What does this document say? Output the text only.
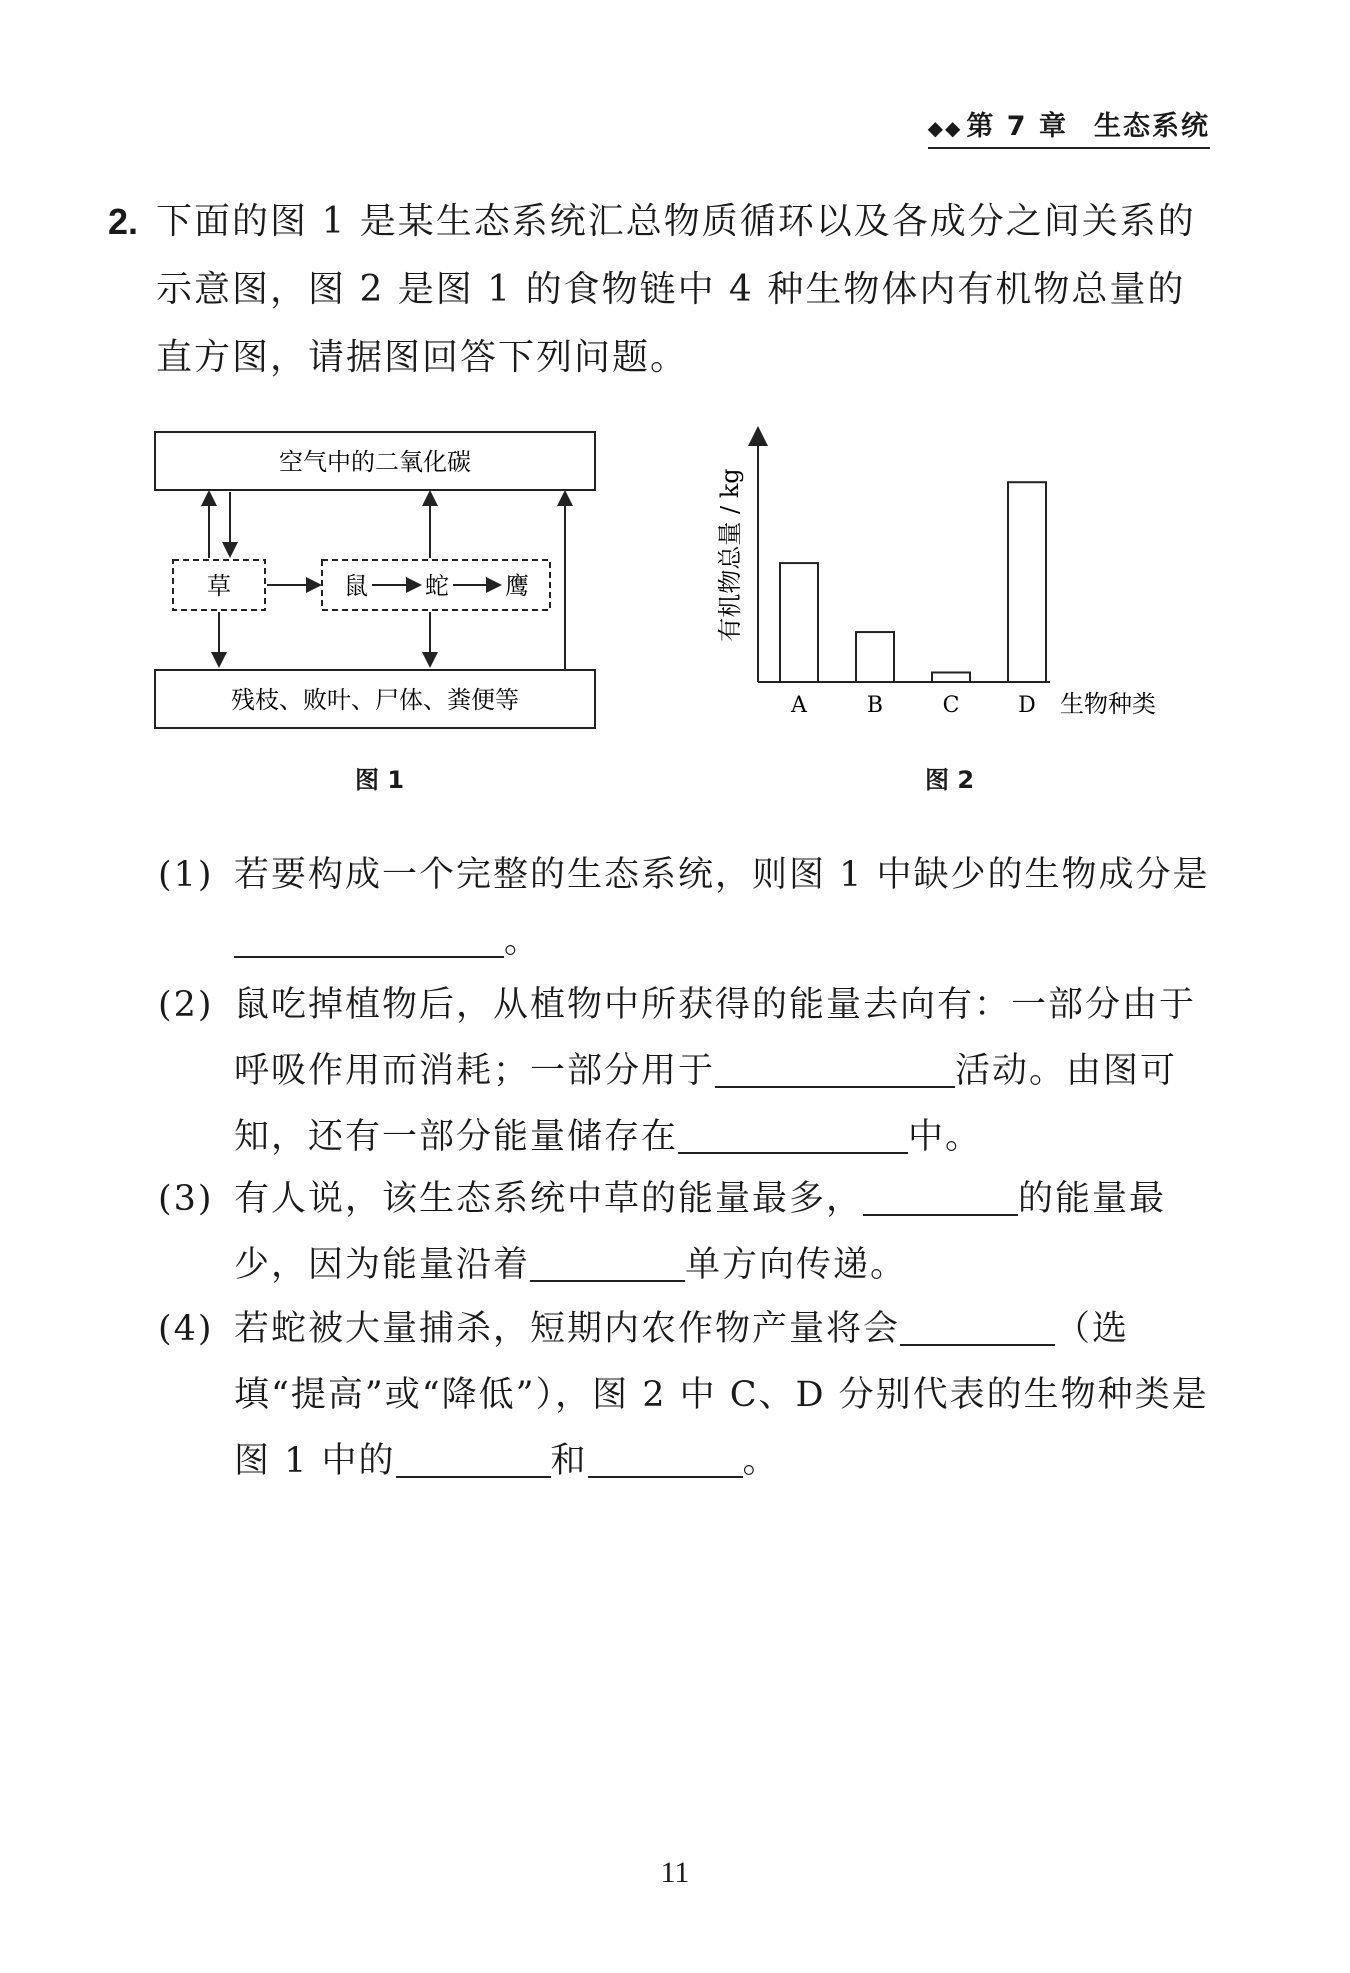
◆◆ 第 7 章 生态系统
2. 下面的图 1 是某生态系统汇总物质循环以及各成分之间关系的示意图，图 2 是图 1 的食物链中 4 种生物体内有机物总量的直方图，请据图回答下列问题。
空气中的二氧化碳
草	鼠 蛇 鹰
残枝、败叶、尸体、粪便等
图 1
有机物总量 / kg
生物种类
A	B	C	D
图 2
(1) 若要构成一个完整的生态系统，则图 1 中缺少的生物成分是。
(2) 鼠吃掉植物后，从植物中所获得的能量去向有：一部分由于呼吸作用而消耗；一部分用于	活动。由图可知，还有一部分能量储存在	中。
(3) 有人说，该生态系统中草的能量最多，	的能量最少，因为能量沿着	单方向传递。
(4) 若蛇被大量捕杀，短期内农作物产量将会	（选填“提高”或“降低”），图 2 中 C、D 分别代表的生物种类是图 1 中的	和	。
11
